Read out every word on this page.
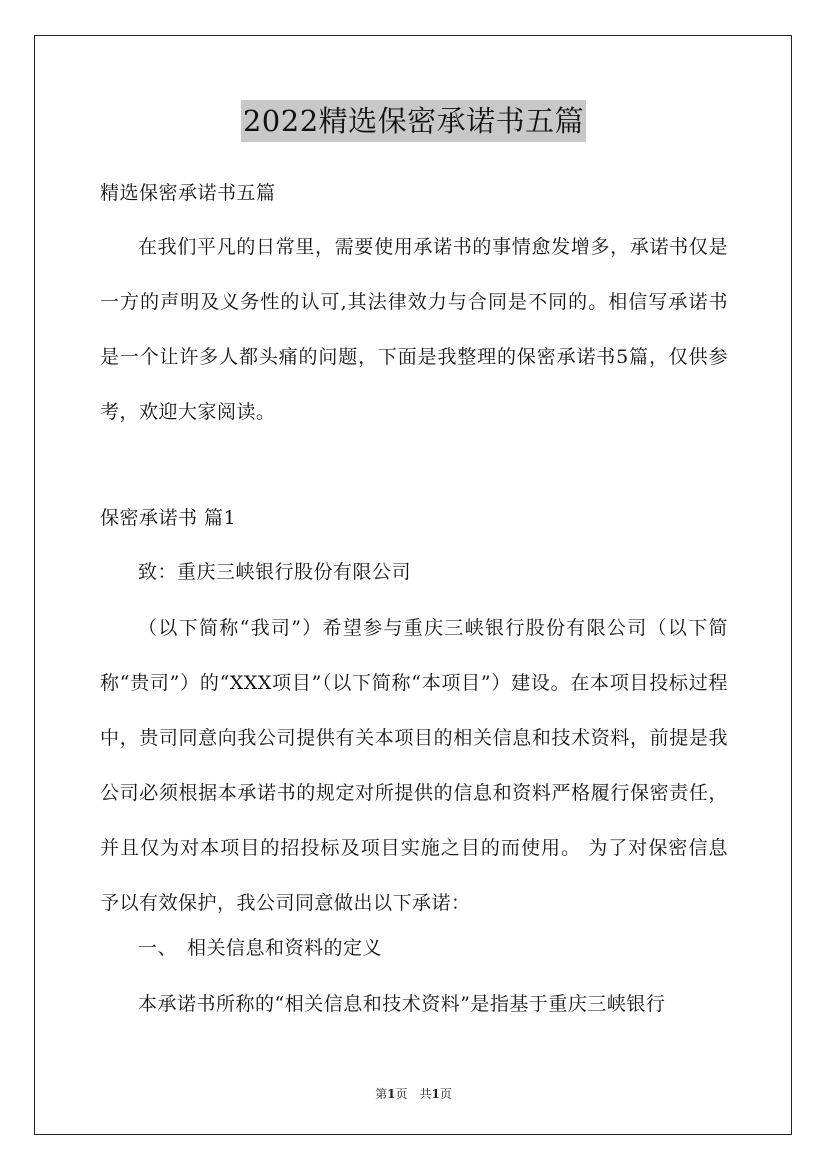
2022精选保密承诺书五篇
精选保密承诺书五篇
在我们平凡的日常里，需要使用承诺书的事情愈发增多，承诺书仅是一方的声明及义务性的认可,其法律效力与合同是不同的。相信写承诺书是一个让许多人都头痛的问题，下面是我整理的保密承诺书5篇，仅供参考，欢迎大家阅读。
保密承诺书 篇1
致：重庆三峡银行股份有限公司
（以下简称“我司”）希望参与重庆三峡银行股份有限公司（以下简称“贵司”）的“XXX项目”（以下简称“本项目”）建设。在本项目投标过程中，贵司同意向我公司提供有关本项目的相关信息和技术资料，前提是我公司必须根据本承诺书的规定对所提供的信息和资料严格履行保密责任，并且仅为对本项目的招投标及项目实施之目的而使用。 为了对保密信息予以有效保护，我公司同意做出以下承诺：
一、　相关信息和资料的定义
本承诺书所称的“相关信息和技术资料”是指基于重庆三峡银行
第1页　共1页
